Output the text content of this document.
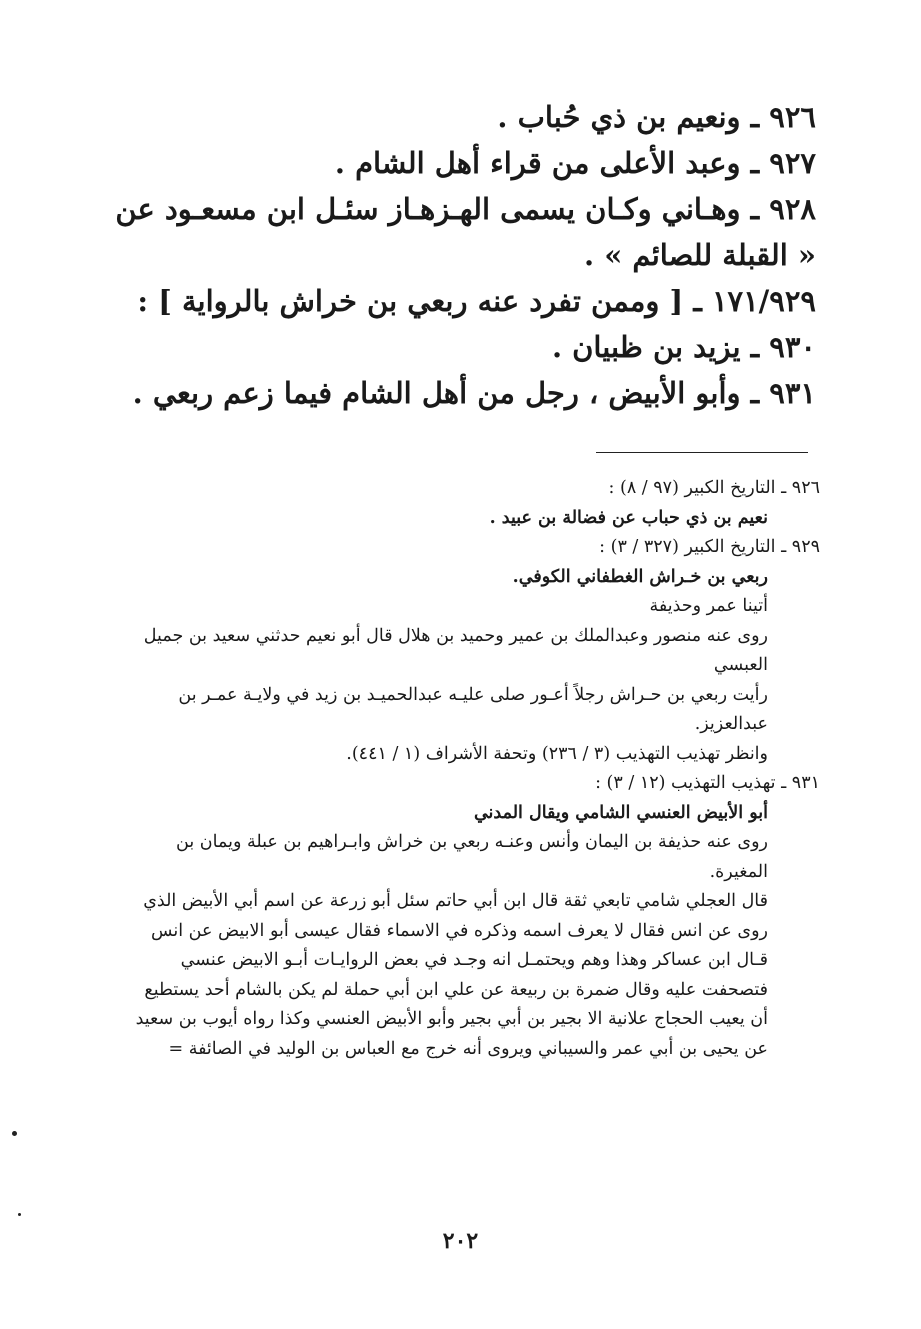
٩٢٦ ـ ونعيم بن ذي حُباب .
٩٢٧ ـ وعبد الأعلى من قراء أهل الشام .
٩٢٨ ـ وهـاني وكـان يسمى الهـزهـاز سئـل ابن مسعـود عن « القبلة للصائم » .
١٧١/٩٢٩ ـ [ وممن تفرد عنه ربعي بن خراش بالرواية ] :
٩٣٠ ـ يزيد بن ظبيان .
٩٣١ ـ وأبو الأبيض ، رجل من أهل الشام فيما زعم ربعي .
٩٢٦ ـ التاريخ الكبير (٩٧ / ٨) :
نعيم بن ذي حباب عن فضالة بن عبيد .
٩٢٩ ـ التاريخ الكبير (٣٢٧ / ٣) :
ربعي بن خـراش الغطفاني الكوفي.
أتينا عمر وحذيفة
روى عنه منصور وعبدالملك بن عمير وحميد بن هلال قال أبو نعيم حدثني سعيد بن جميل العبسي
رأيت ربعي بن حـراش رجلاً أعـور صلى عليـه عبدالحميـد بن زيد في ولايـة عمـر بن عبدالعزيز.
وانظر تهذيب التهذيب (٣ / ٢٣٦) وتحفة الأشراف (١ / ٤٤١).
٩٣١ ـ تهذيب التهذيب (١٢ / ٣) :
أبو الأبيض العنسي الشامي ويقال المدني
روى عنه حذيفة بن اليمان وأنس وعنـه ربعي بن خراش وابـراهيم بن عبلة ويمان بن المغيرة.
قال العجلي شامي تابعي ثقة قال ابن أبي حاتم سئل أبو زرعة عن اسم أبي الأبيض الذي روى عن انس فقال لا يعرف اسمه وذكره في الاسماء فقال عيسى أبو الابيض عن انس قـال ابن عساكر وهذا وهم ويحتمـل انه وجـد في بعض الروايـات أبـو الابيض عنسي فتصحفت عليه وقال ضمرة بن ربيعة عن علي ابن أبي حملة لم يكن بالشام أحد يستطيع أن يعيب الحجاج علانية الا بجير بن أبي بجير وأبو الأبيض العنسي وكذا رواه أيوب بن سعيد عن يحيى بن أبي عمر والسيباني ويروى أنه خرج مع العباس بن الوليد في الصائفة =
٢٠٢
